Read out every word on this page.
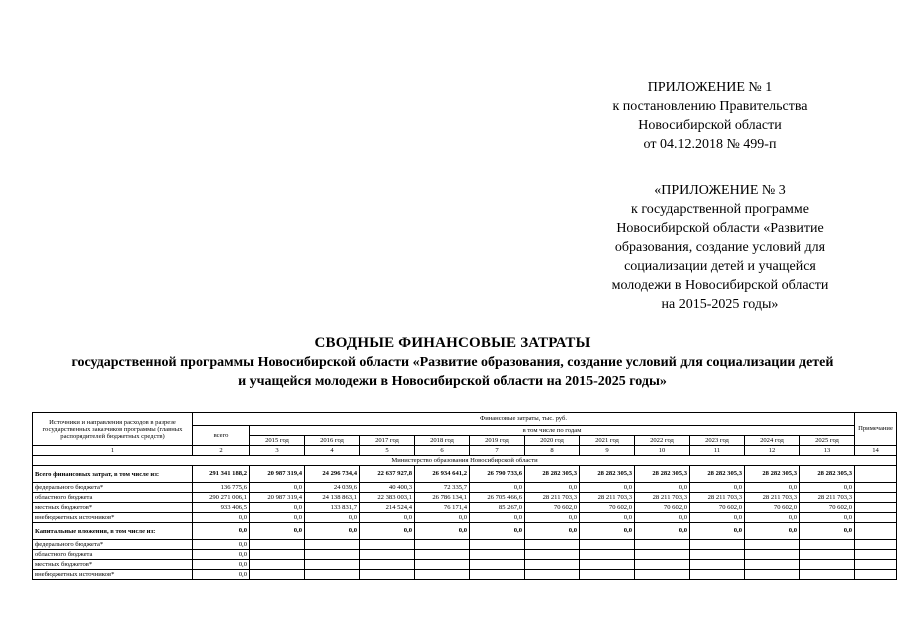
ПРИЛОЖЕНИЕ № 1
к постановлению Правительства
Новосибирской области
от 04.12.2018 № 499-п
«ПРИЛОЖЕНИЕ № 3
к государственной программе
Новосибирской области «Развитие
образования, создание условий для
социализации детей и учащейся
молодежи в Новосибирской области
на 2015-2025 годы»
СВОДНЫЕ ФИНАНСОВЫЕ ЗАТРАТЫ
государственной программы Новосибирской области «Развитие образования, создание условий для социализации детей
и учащейся молодежи в Новосибирской области на 2015-2025 годы»
Источники и направления расходов в разрезе государственных заказчиков программы (главных распорядителей бюджетных средств)	Финансовые затраты, тыс. руб.												Примечание
	всего	в том числе по годам											
		2015 год	2016 год	2017 год	2018 год	2019 год	2020 год	2021 год	2022 год	2023 год	2024 год	2025 год	
1	2	3	4	5	6	7	8	9	10	11	12	13	14
Министерство образования Новосибирской области													
Всего финансовых затрат, в том числе из:	291 341 188,2	20 987 319,4	24 296 734,4	22 637 927,8	26 934 641,2	26 790 733,6	28 282 305,3	28 282 305,3	28 282 305,3	28 282 305,3	28 282 305,3	28 282 305,3	
федерального бюджета*	136 775,6	0,0	24 039,6	40 400,3	72 335,7	0,0	0,0	0,0	0,0	0,0	0,0	0,0	
областного бюджета	290 271 006,1	20 987 319,4	24 138 863,1	22 383 003,1	26 786 134,1	26 705 466,6	28 211 703,3	28 211 703,3	28 211 703,3	28 211 703,3	28 211 703,3	28 211 703,3	
местных бюджетов*	933 406,5	0,0	133 831,7	214 524,4	76 171,4	85 267,0	70 602,0	70 602,0	70 602,0	70 602,0	70 602,0	70 602,0	
внебюджетных источников*	0,0	0,0	0,0	0,0	0,0	0,0	0,0	0,0	0,0	0,0	0,0	0,0	
Капитальные вложения, в том числе из:	0,0	0,0	0,0	0,0	0,0	0,0	0,0	0,0	0,0	0,0	0,0	0,0	
федерального бюджета*	0,0												
областного бюджета	0,0												
местных бюджетов*	0,0												
внебюджетных источников*	0,0												
